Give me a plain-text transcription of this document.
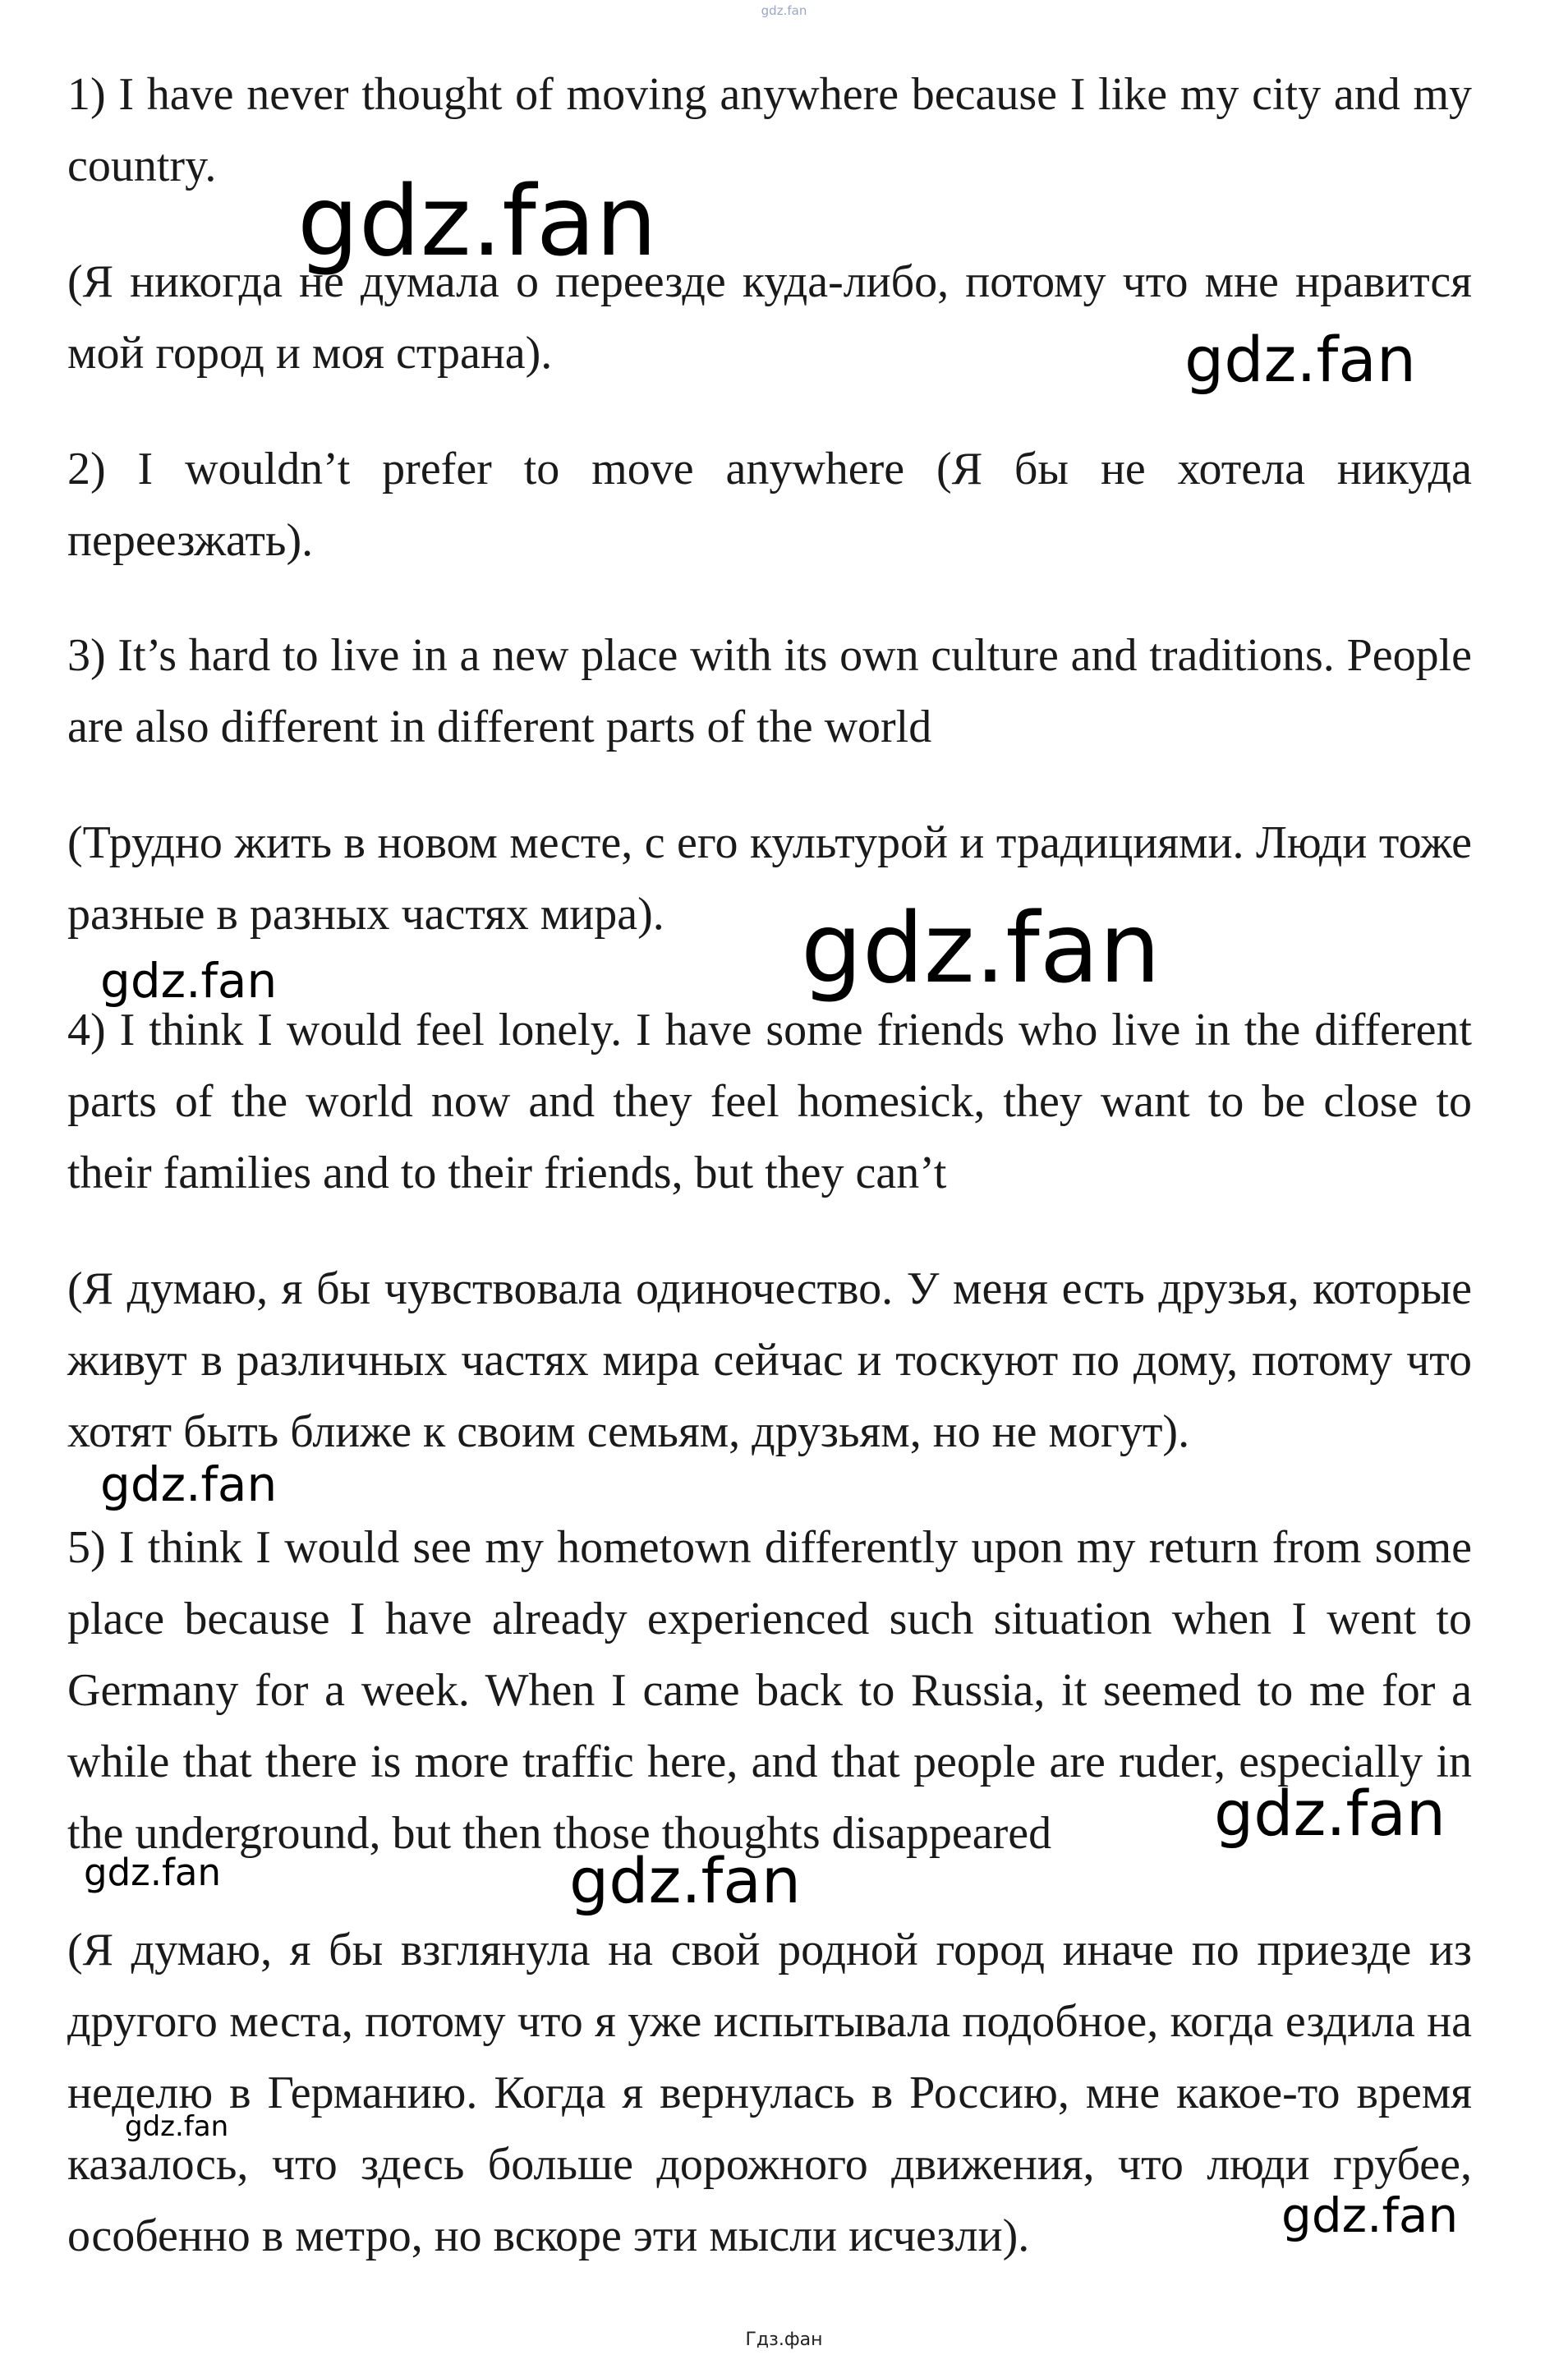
gdz.fan

1) I have never thought of moving anywhere because I like my city and my country.

(Я никогда не думала о переезде куда-либо, потому что мне нравится мой город и моя страна).

2) I wouldn’t prefer to move anywhere (Я бы не хотела никуда переезжать).

3) It’s hard to live in a new place with its own culture and traditions. People are also different in different parts of the world

(Трудно жить в новом месте, с его культурой и традициями. Люди тоже разные в разных частях мира).

4) I think I would feel lonely. I have some friends who live in the different parts of the world now and they feel homesick, they want to be close to their families and to their friends, but they can’t

(Я думаю, я бы чувствовала одиночество. У меня есть друзья, которые живут в различных частях мира сейчас и тоскуют по дому, потому что хотят быть ближе к своим семьям, друзьям, но не могут).

5) I think I would see my hometown differently upon my return from some place because I have already experienced such situation when I went to Germany for a week. When I came back to Russia, it seemed to me for a while that there is more traffic here, and that people are ruder, especially in the underground, but then those thoughts disappeared

(Я думаю, я бы взглянула на свой родной город иначе по приезде из другого места, потому что я уже испытывала подобное, когда ездила на неделю в Германию. Когда я вернулась в Россию, мне какое-то время казалось, что здесь больше дорожного движения, что люди грубее, особенно в метро, но вскоре эти мысли исчезли).

gdz.fan
gdz.fan
gdz.fan
gdz.fan
gdz.fan
gdz.fan
gdz.fan	gdz.fan
gdz.fan
gdz.fan
Гдз.фан
